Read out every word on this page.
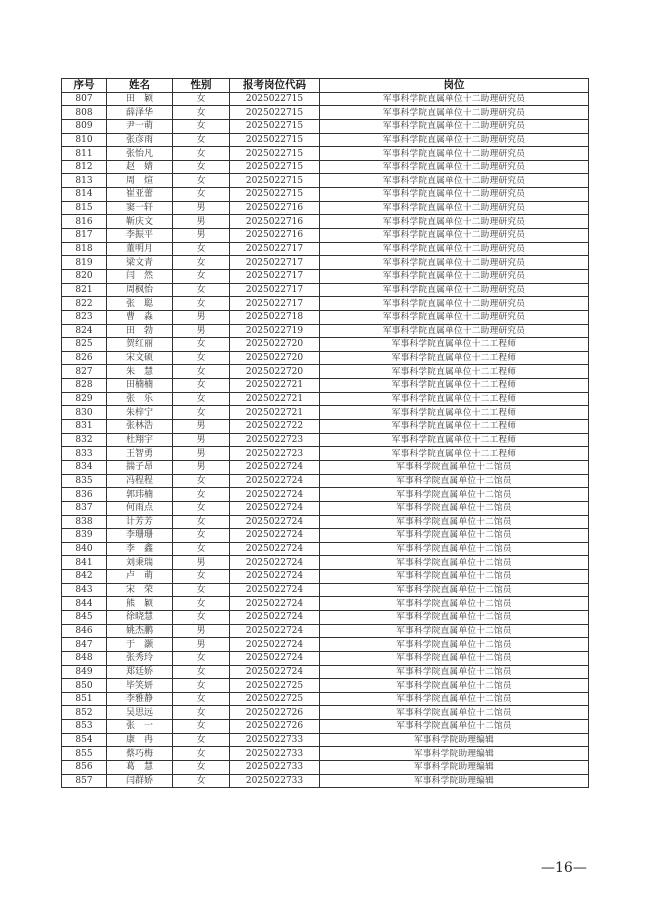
序号	姓名	性别	报考岗位代码	岗位
807	田　颖	女	2025022715	军事科学院直属单位十二助理研究员
808	薛泽华	女	2025022715	军事科学院直属单位十二助理研究员
809	尹一萌	女	2025022715	军事科学院直属单位十二助理研究员
810	张彦雨	女	2025022715	军事科学院直属单位十二助理研究员
811	张怡凡	女	2025022715	军事科学院直属单位十二助理研究员
812	赵　婧	女	2025022715	军事科学院直属单位十二助理研究员
813	周　煊	女	2025022715	军事科学院直属单位十二助理研究员
814	崔亚蕾	女	2025022715	军事科学院直属单位十二助理研究员
815	窦一轩	男	2025022716	军事科学院直属单位十二助理研究员
816	靳庆文	男	2025022716	军事科学院直属单位十二助理研究员
817	李振平	男	2025022716	军事科学院直属单位十二助理研究员
818	董明月	女	2025022717	军事科学院直属单位十二助理研究员
819	梁文青	女	2025022717	军事科学院直属单位十二助理研究员
820	闫　然	女	2025022717	军事科学院直属单位十二助理研究员
821	周枫怡	女	2025022717	军事科学院直属单位十二助理研究员
822	张　聪	女	2025022717	军事科学院直属单位十二助理研究员
823	曹　淼	男	2025022718	军事科学院直属单位十二助理研究员
824	田　勃	男	2025022719	军事科学院直属单位十二助理研究员
825	贺红丽	女	2025022720	军事科学院直属单位十二工程师
826	宋文硕	女	2025022720	军事科学院直属单位十二工程师
827	朱　慧	女	2025022720	军事科学院直属单位十二工程师
828	田楠楠	女	2025022721	军事科学院直属单位十二工程师
829	张　乐	女	2025022721	军事科学院直属单位十二工程师
830	朱梓宁	女	2025022721	军事科学院直属单位十二工程师
831	张林浩	男	2025022722	军事科学院直属单位十二工程师
832	杜翔宇	男	2025022723	军事科学院直属单位十二工程师
833	王智勇	男	2025022723	军事科学院直属单位十二工程师
834	揣子昂	男	2025022724	军事科学院直属单位十二馆员
835	冯程程	女	2025022724	军事科学院直属单位十二馆员
836	郭玮楠	女	2025022724	军事科学院直属单位十二馆员
837	何雨点	女	2025022724	军事科学院直属单位十二馆员
838	计芳芳	女	2025022724	军事科学院直属单位十二馆员
839	李珊珊	女	2025022724	军事科学院直属单位十二馆员
840	李　鑫	女	2025022724	军事科学院直属单位十二馆员
841	刘秉瑞	男	2025022724	军事科学院直属单位十二馆员
842	卢　萌	女	2025022724	军事科学院直属单位十二馆员
843	宋　荣	女	2025022724	军事科学院直属单位十二馆员
844	熊　颖	女	2025022724	军事科学院直属单位十二馆员
845	徐晓慧	女	2025022724	军事科学院直属单位十二馆员
846	姚杰鹏	男	2025022724	军事科学院直属单位十二馆员
847	于　灏	男	2025022724	军事科学院直属单位十二馆员
848	张秀玲	女	2025022724	军事科学院直属单位十二馆员
849	郑廷娇	女	2025022724	军事科学院直属单位十二馆员
850	毕笑妍	女	2025022725	军事科学院直属单位十二馆员
851	李雅静	女	2025022725	军事科学院直属单位十二馆员
852	吴思远	女	2025022726	军事科学院直属单位十二馆员
853	张　一	女	2025022726	军事科学院直属单位十二馆员
854	康　冉	女	2025022733	军事科学院助理编辑
855	蔡巧梅	女	2025022733	军事科学院助理编辑
856	葛　慧	女	2025022733	军事科学院助理编辑
857	闫群娇	女	2025022733	军事科学院助理编辑
—16—
